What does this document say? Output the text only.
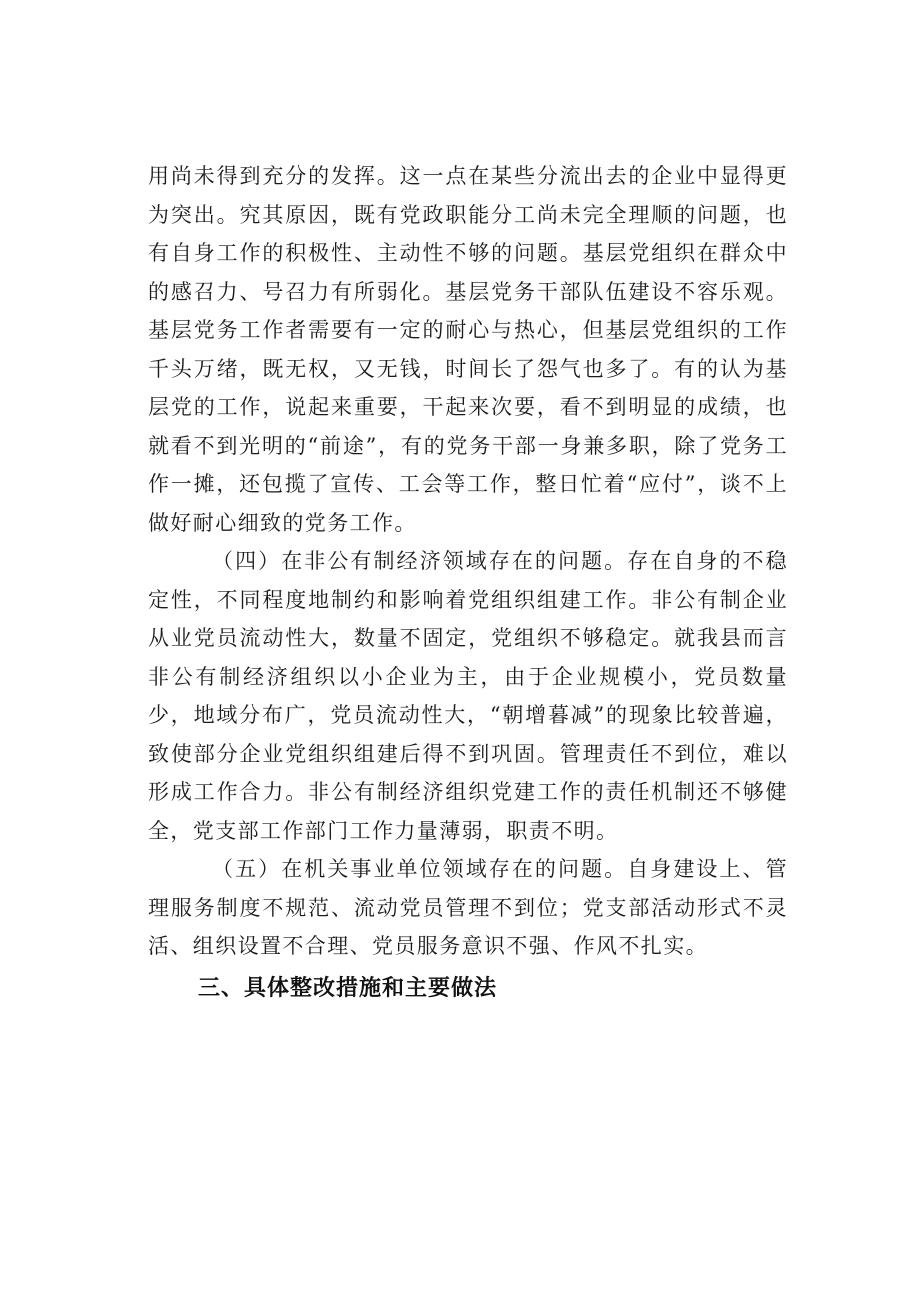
用尚未得到充分的发挥。这一点在某些分流出去的企业中显得更为突出。究其原因，既有党政职能分工尚未完全理顺的问题，也有自身工作的积极性、主动性不够的问题。基层党组织在群众中的感召力、号召力有所弱化。基层党务干部队伍建设不容乐观。基层党务工作者需要有一定的耐心与热心，但基层党组织的工作千头万绪，既无权，又无钱，时间长了怨气也多了。有的认为基层党的工作，说起来重要，干起来次要，看不到明显的成绩，也就看不到光明的“前途”，有的党务干部一身兼多职，除了党务工作一摊，还包揽了宣传、工会等工作，整日忙着“应付”，谈不上做好耐心细致的党务工作。

（四）在非公有制经济领域存在的问题。存在自身的不稳定性，不同程度地制约和影响着党组织组建工作。非公有制企业从业党员流动性大，数量不固定，党组织不够稳定。就我县而言非公有制经济组织以小企业为主，由于企业规模小，党员数量少，地域分布广，党员流动性大，“朝增暮减”的现象比较普遍，致使部分企业党组织组建后得不到巩固。管理责任不到位，难以形成工作合力。非公有制经济组织党建工作的责任机制还不够健全，党支部工作部门工作力量薄弱，职责不明。

（五）在机关事业单位领域存在的问题。自身建设上、管理服务制度不规范、流动党员管理不到位；党支部活动形式不灵活、组织设置不合理、党员服务意识不强、作风不扎实。

三、具体整改措施和主要做法
